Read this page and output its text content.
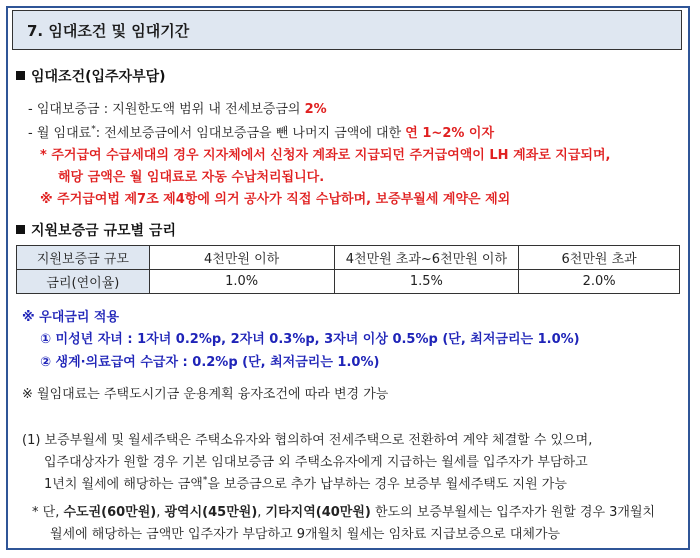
7. 임대조건 및 임대기간
임대조건(입주자부담)
- 임대보증금 : 지원한도액 범위 내 전세보증금의 2%
- 월 임대료*: 전세보증금에서 임대보증금을 뺀 나머지 금액에 대한 연 1~2% 이자
* 주거급여 수급세대의 경우 지자체에서 신청자 계좌로 지급되던 주거급여액이 LH 계좌로 지급되며,
해당 금액은 월 임대료로 자동 수납처리됩니다.
※ 주거급여법 제7조 제4항에 의거 공사가 직접 수납하며, 보증부월세 계약은 제외
지원보증금 규모별 금리
지원보증금 규모	4천만원 이하	4천만원 초과~6천만원 이하	6천만원 초과
금리(연이율)	1.0%	1.5%	2.0%
※ 우대금리 적용
① 미성년 자녀 : 1자녀 0.2%p, 2자녀 0.3%p, 3자녀 이상 0.5%p (단, 최저금리는 1.0%)
② 생계·의료급여 수급자 : 0.2%p (단, 최저금리는 1.0%)
※ 월임대료는 주택도시기금 운용계획 융자조건에 따라 변경 가능
(1) 보증부월세 및 월세주택은 주택소유자와 협의하여 전세주택으로 전환하여 계약 체결할 수 있으며,
입주대상자가 원할 경우 기본 임대보증금 외 주택소유자에게 지급하는 월세를 입주자가 부담하고
1년치 월세에 해당하는 금액*을 보증금으로 추가 납부하는 경우 보증부 월세주택도 지원 가능
* 단, 수도권(60만원), 광역시(45만원), 기타지역(40만원) 한도의 보증부월세는 입주자가 원할 경우 3개월치
월세에 해당하는 금액만 입주자가 부담하고 9개월치 월세는 임차료 지급보증으로 대체가능
